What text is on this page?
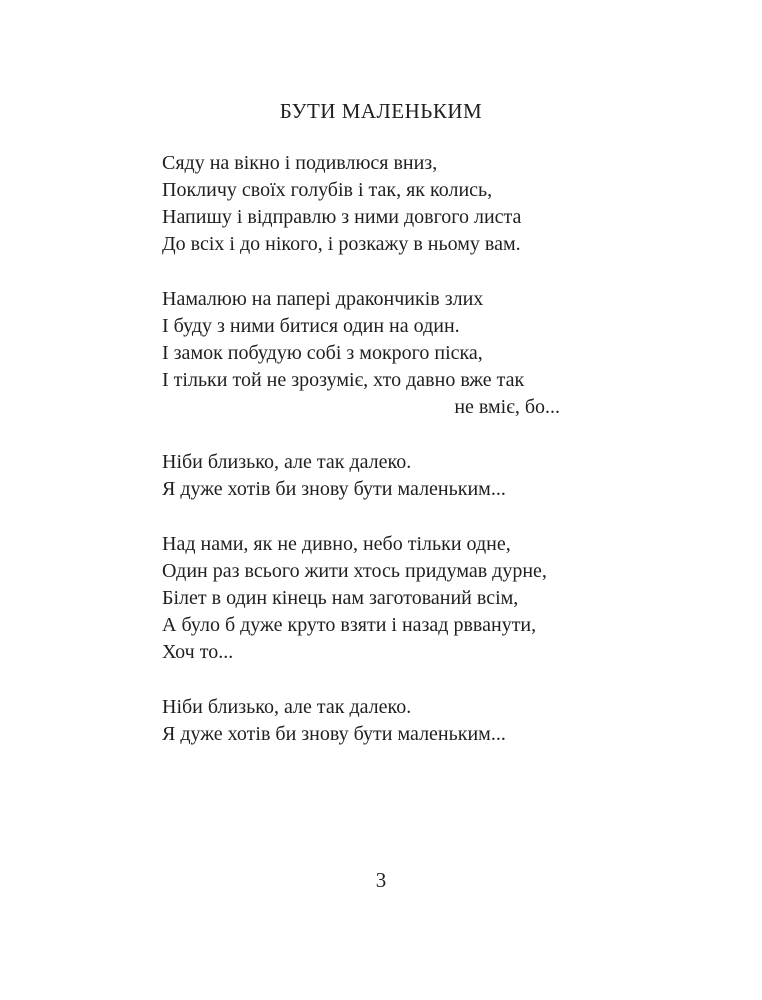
БУТИ МАЛЕНЬКИМ
Сяду на вікно і подивлюся вниз,
Покличу своїх голубів і так, як колись,
Напишу і відправлю з ними довгого листа
До всіх і до нікого, і розкажу в ньому вам.
Намалюю на папері дракончиків злих
І буду з ними битися один на один.
І замок побудую собі з мокрого піска,
І тільки той не зрозуміє, хто давно вже так
не вміє, бо...
Ніби близько, але так далеко.
Я дуже хотів би знову бути маленьким...
Над нами, як не дивно, небо тільки одне,
Один раз всього жити хтось придумав дурне,
Білет в один кінець нам заготований всім,
А було б дуже круто взяти і назад рвванути,
Хоч то...
Ніби близько, але так далеко.
Я дуже хотів би знову бути маленьким...
3
